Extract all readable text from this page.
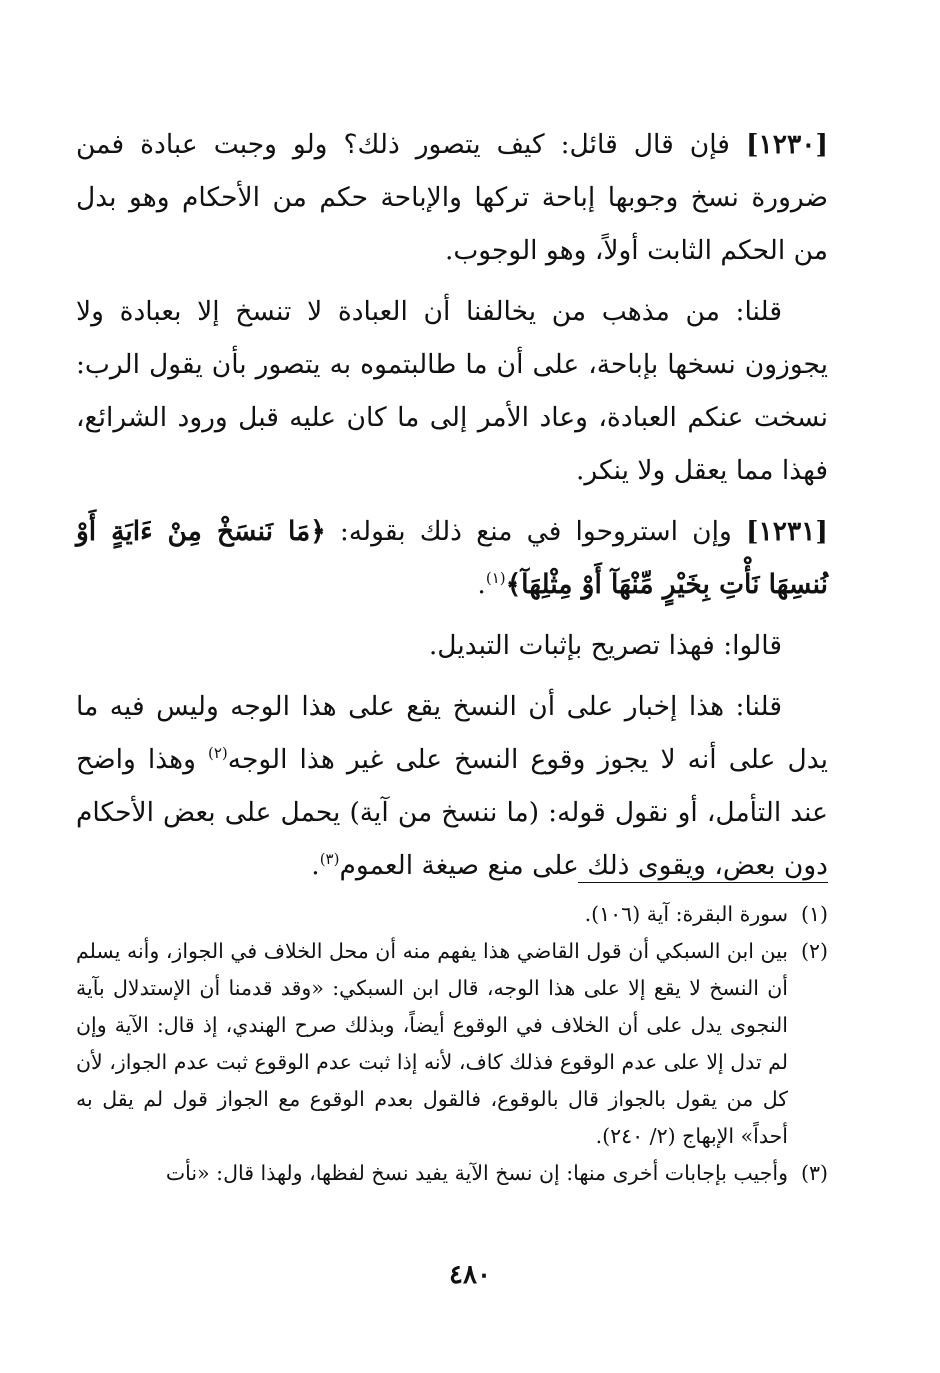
[١٢٣٠] فإن قال قائل: كيف يتصور ذلك؟ ولو وجبت عبادة فمن ضرورة نسخ وجوبها إباحة تركها والإباحة حكم من الأحكام وهو بدل من الحكم الثابت أولاً، وهو الوجوب.

قلنا: من مذهب من يخالفنا أن العبادة لا تنسخ إلا بعبادة ولا يجوزون نسخها بإباحة، على أن ما طالبتموه به يتصور بأن يقول الرب: نسخت عنكم العبادة، وعاد الأمر إلى ما كان عليه قبل ورود الشرائع، فهذا مما يعقل ولا ينكر.

[١٢٣١] وإن استروحوا في منع ذلك بقوله: ﴿مَا نَنسَخْ مِنْ ءَايَةٍ أَوْ نُنسِهَا نَأْتِ بِخَيْرٍ مِّنْهَآ أَوْ مِثْلِهَآ﴾$^{(١)}$.

قالوا: فهذا تصريح بإثبات التبديل.

قلنا: هذا إخبار على أن النسخ يقع على هذا الوجه وليس فيه ما يدل على أنه لا يجوز وقوع النسخ على غير هذا الوجه$^{(٢)}$ وهذا واضح عند التأمل، أو نقول قوله: (ما ننسخ من آية) يحمل على بعض الأحكام دون بعض، ويقوى ذلك على منع صيغة العموم$^{(٣)}$.

(١)
سورة البقرة: آية (١٠٦).
(٢)
بين ابن السبكي أن قول القاضي هذا يفهم منه أن محل الخلاف في الجواز، وأنه يسلم أن النسخ لا يقع إلا على هذا الوجه، قال ابن السبكي: «وقد قدمنا أن الإستدلال بآية النجوى يدل على أن الخلاف في الوقوع أيضاً، وبذلك صرح الهندي، إذ قال: الآية وإن لم تدل إلا على عدم الوقوع فذلك كاف، لأنه إذا ثبت عدم الوقوع ثبت عدم الجواز، لأن كل من يقول بالجواز قال بالوقوع، فالقول بعدم الوقوع مع الجواز قول لم يقل به أحداً» الإبهاج (٢/ ٢٤٠).
(٣)
وأجيب بإجابات أخرى منها: إن نسخ الآية يفيد نسخ لفظها، ولهذا قال: «نأت
٤٨٠
